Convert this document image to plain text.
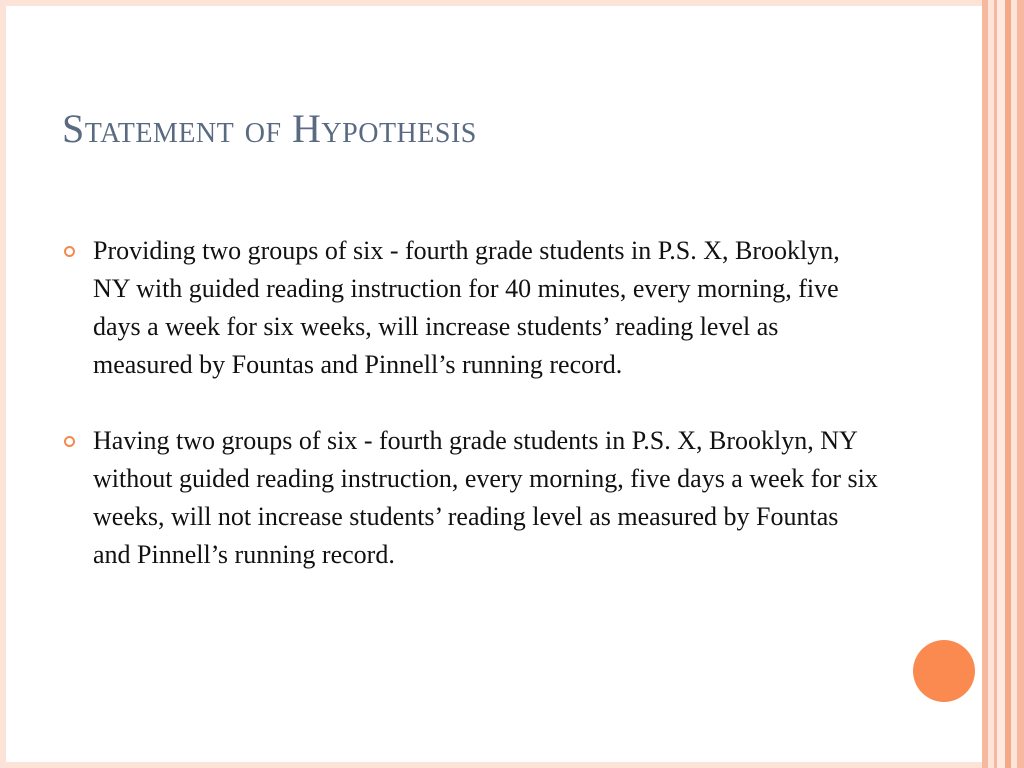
Statement of Hypothesis
Providing two groups of six - fourth grade students in P.S. X, Brooklyn, NY with guided reading instruction for 40 minutes, every morning, five days a week for six weeks, will increase students’ reading level as measured by Fountas and Pinnell’s running record.
Having two groups of six - fourth grade students in P.S. X, Brooklyn, NY without guided reading instruction, every morning, five days a week for six weeks, will not increase students’ reading level as measured by Fountas and Pinnell’s running record.
